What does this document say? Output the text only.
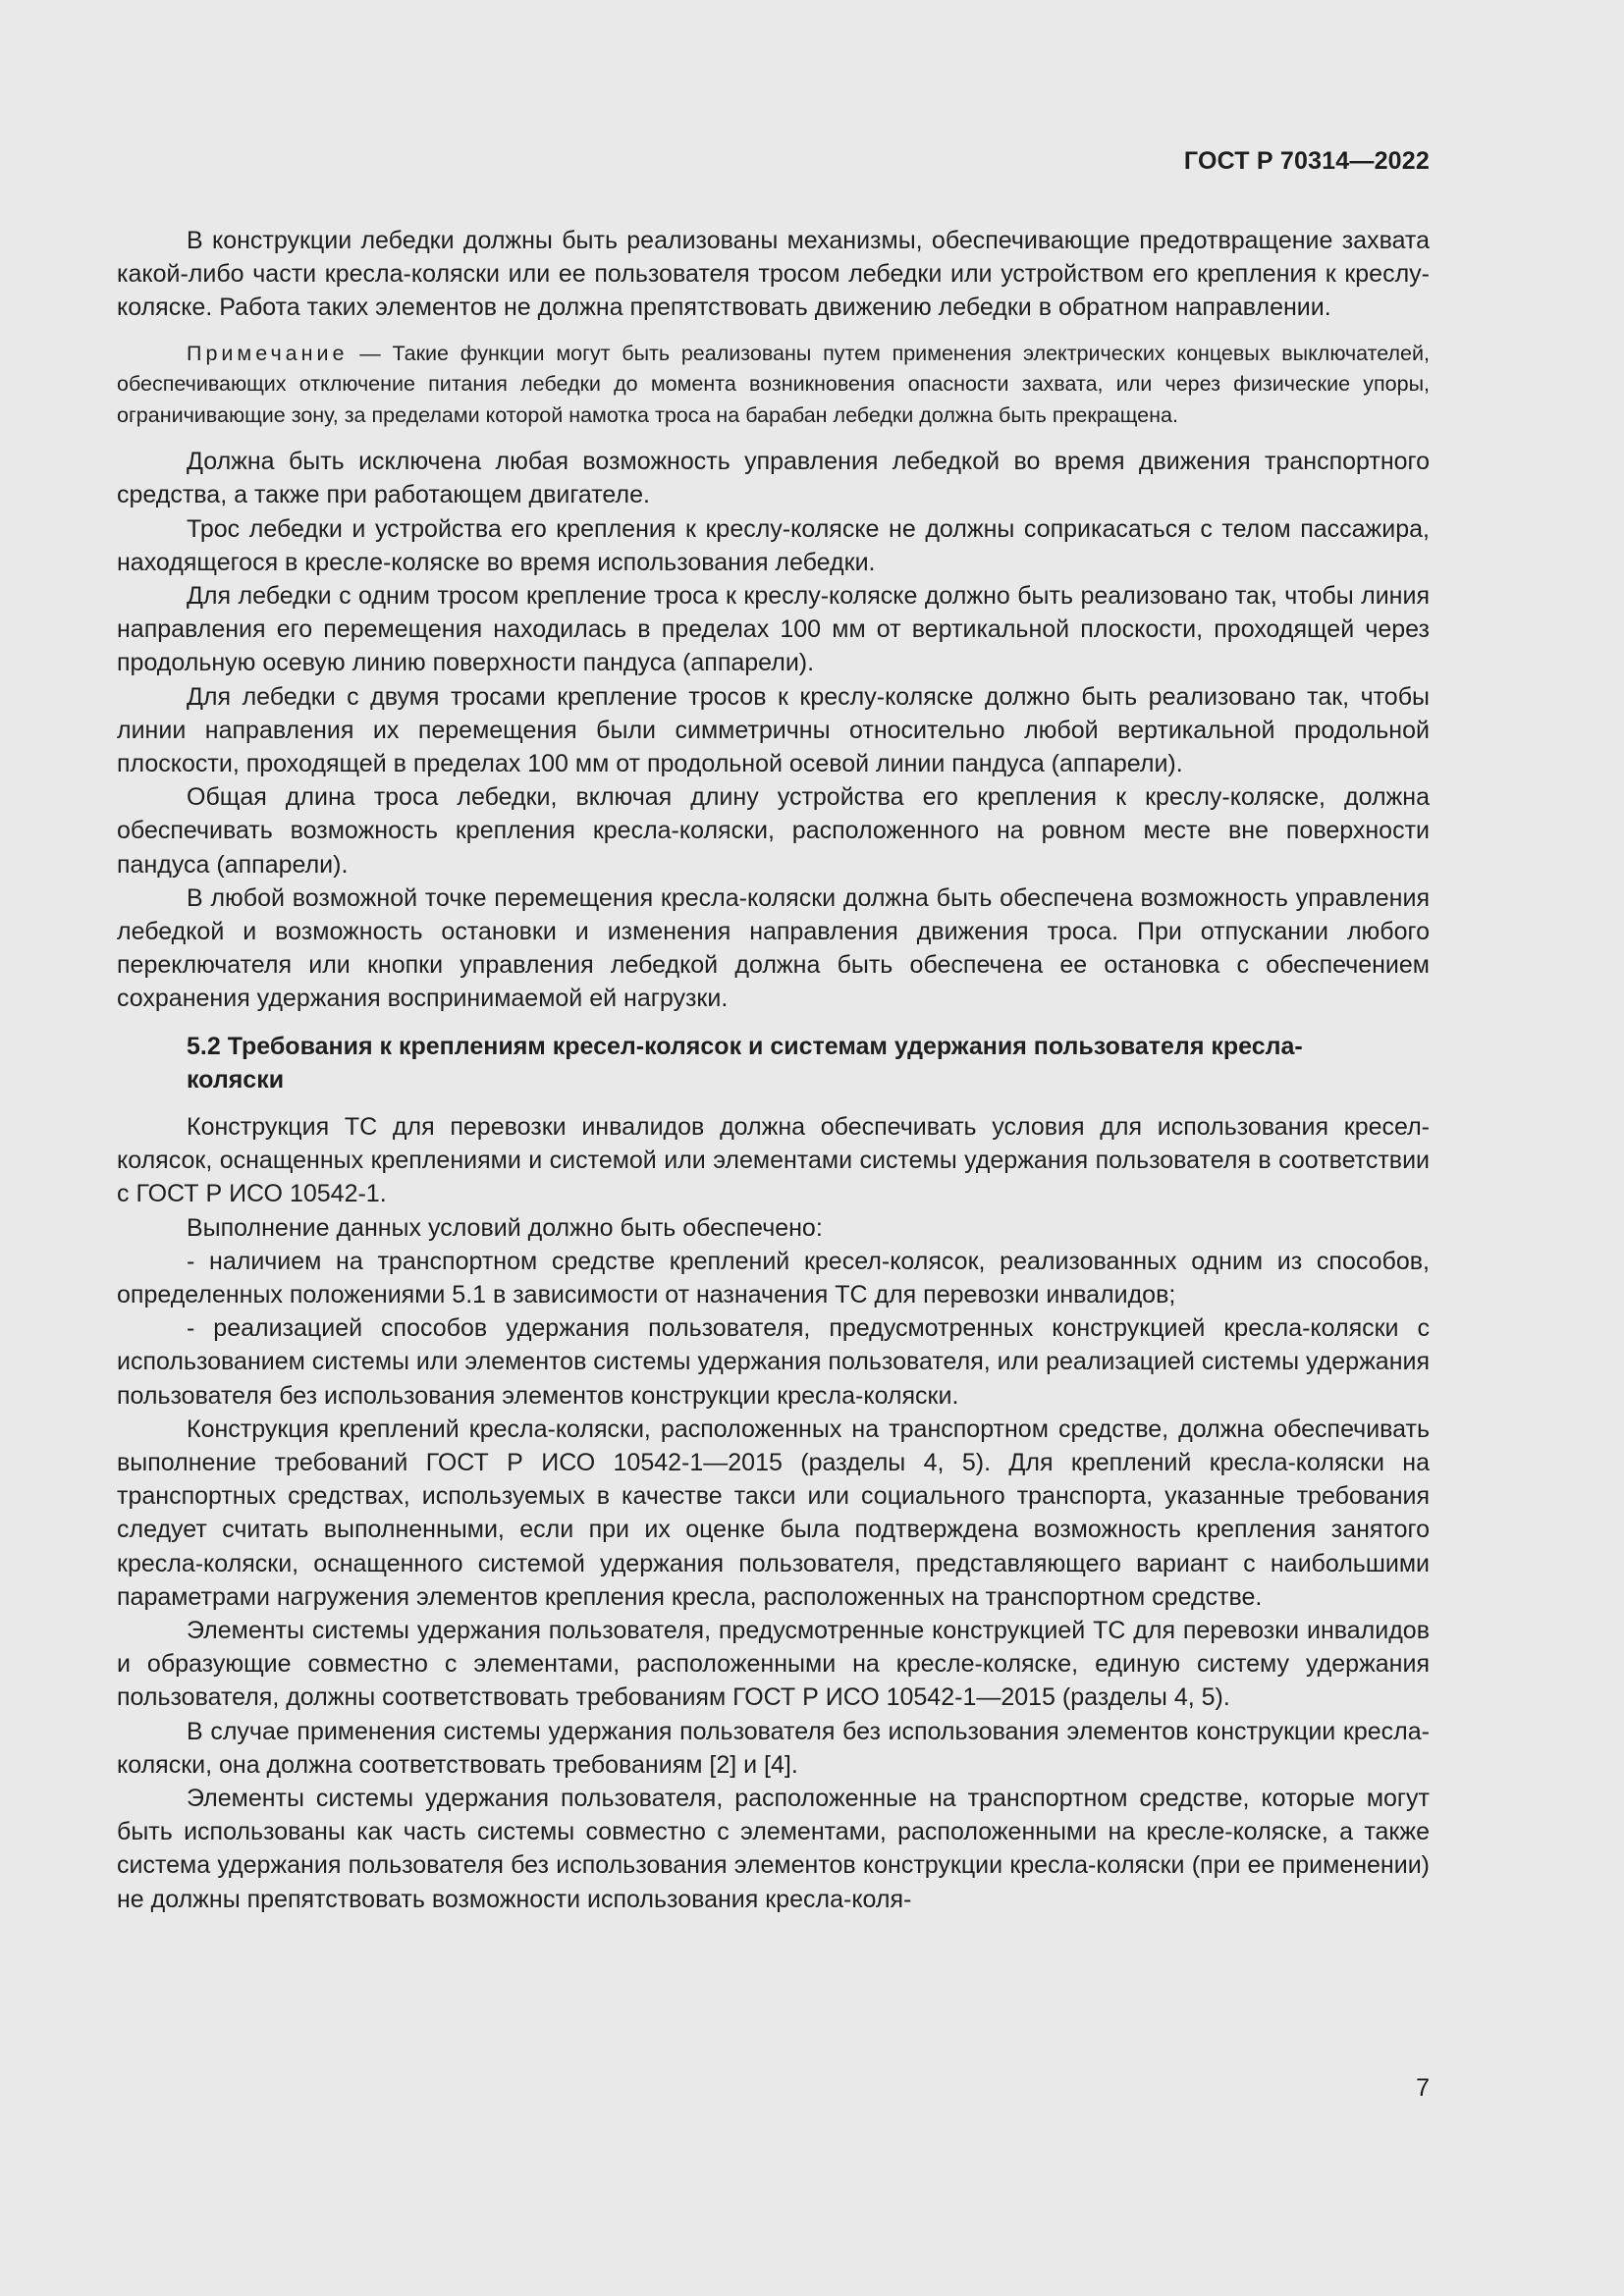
ГОСТ Р 70314—2022

В конструкции лебедки должны быть реализованы механизмы, обеспечивающие предотвращение захвата какой-либо части кресла-коляски или ее пользователя тросом лебедки или устройством его крепления к креслу-коляске. Работа таких элементов не должна препятствовать движению лебедки в обратном направлении.

Примечание — Такие функции могут быть реализованы путем применения электрических концевых выключателей, обеспечивающих отключение питания лебедки до момента возникновения опасности захвата, или через физические упоры, ограничивающие зону, за пределами которой намотка троса на барабан лебедки должна быть прекращена.

Должна быть исключена любая возможность управления лебедкой во время движения транспортного средства, а также при работающем двигателе.

Трос лебедки и устройства его крепления к креслу-коляске не должны соприкасаться с телом пассажира, находящегося в кресле-коляске во время использования лебедки.

Для лебедки с одним тросом крепление троса к креслу-коляске должно быть реализовано так, чтобы линия направления его перемещения находилась в пределах 100 мм от вертикальной плоскости, проходящей через продольную осевую линию поверхности пандуса (аппарели).

Для лебедки с двумя тросами крепление тросов к креслу-коляске должно быть реализовано так, чтобы линии направления их перемещения были симметричны относительно любой вертикальной продольной плоскости, проходящей в пределах 100 мм от продольной осевой линии пандуса (аппарели).

Общая длина троса лебедки, включая длину устройства его крепления к креслу-коляске, должна обеспечивать возможность крепления кресла-коляски, расположенного на ровном месте вне поверхности пандуса (аппарели).

В любой возможной точке перемещения кресла-коляски должна быть обеспечена возможность управления лебедкой и возможность остановки и изменения направления движения троса. При отпускании любого переключателя или кнопки управления лебедкой должна быть обеспечена ее остановка с обеспечением сохранения удержания воспринимаемой ей нагрузки.

5.2 Требования к креплениям кресел-колясок и системам удержания пользователя кресла-коляски

Конструкция ТС для перевозки инвалидов должна обеспечивать условия для использования кресел-колясок, оснащенных креплениями и системой или элементами системы удержания пользователя в соответствии с ГОСТ Р ИСО 10542-1.

Выполнение данных условий должно быть обеспечено:

- наличием на транспортном средстве креплений кресел-колясок, реализованных одним из способов, определенных положениями 5.1 в зависимости от назначения ТС для перевозки инвалидов;

- реализацией способов удержания пользователя, предусмотренных конструкцией кресла-коляски с использованием системы или элементов системы удержания пользователя, или реализацией системы удержания пользователя без использования элементов конструкции кресла-коляски.

Конструкция креплений кресла-коляски, расположенных на транспортном средстве, должна обеспечивать выполнение требований ГОСТ Р ИСО 10542-1—2015 (разделы 4, 5). Для креплений кресла-коляски на транспортных средствах, используемых в качестве такси или социального транспорта, указанные требования следует считать выполненными, если при их оценке была подтверждена возможность крепления занятого кресла-коляски, оснащенного системой удержания пользователя, представляющего вариант с наибольшими параметрами нагружения элементов крепления кресла, расположенных на транспортном средстве.

Элементы системы удержания пользователя, предусмотренные конструкцией ТС для перевозки инвалидов и образующие совместно с элементами, расположенными на кресле-коляске, единую систему удержания пользователя, должны соответствовать требованиям ГОСТ Р ИСО 10542-1—2015 (разделы 4, 5).

В случае применения системы удержания пользователя без использования элементов конструкции кресла-коляски, она должна соответствовать требованиям [2] и [4].

Элементы системы удержания пользователя, расположенные на транспортном средстве, которые могут быть использованы как часть системы совместно с элементами, расположенными на кресле-коляске, а также система удержания пользователя без использования элементов конструкции кресла-коляски (при ее применении) не должны препятствовать возможности использования кресла-коля-

7
